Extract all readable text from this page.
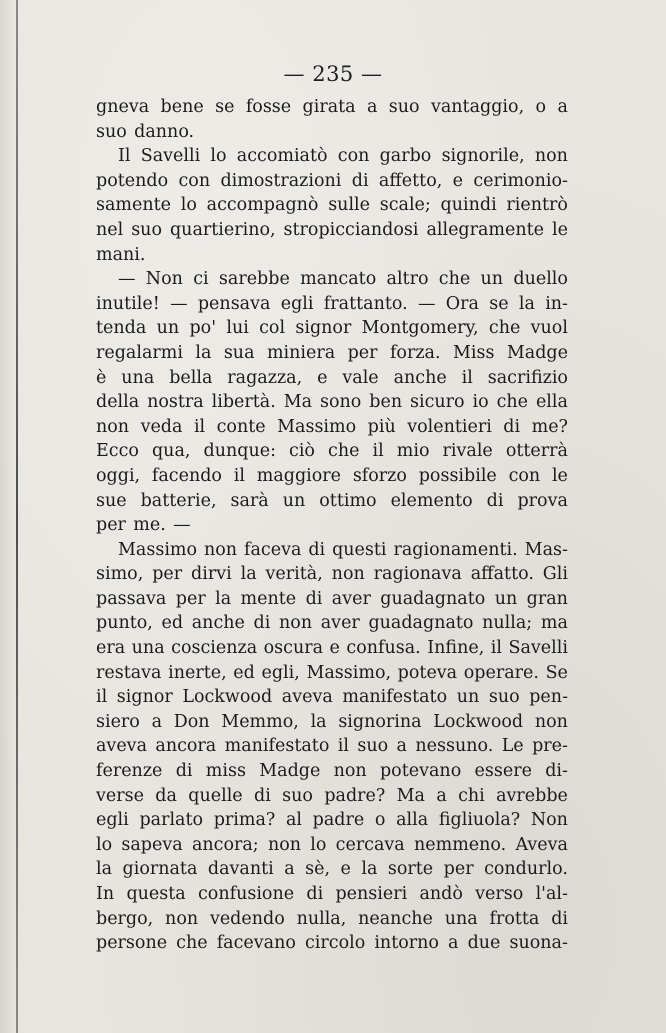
— 235 —
gneva bene se fosse girata a suo vantaggio, o a
suo danno.
Il Savelli lo accomiatò con garbo signorile, non
potendo con dimostrazioni di affetto, e cerimonio-
samente lo accompagnò sulle scale; quindi rientrò
nel suo quartierino, stropicciandosi allegramente le
mani.
— Non ci sarebbe mancato altro che un duello
inutile! — pensava egli frattanto. — Ora se la in-
tenda un po' lui col signor Montgomery, che vuol
regalarmi la sua miniera per forza. Miss Madge
è una bella ragazza, e vale anche il sacrifizio
della nostra libertà. Ma sono ben sicuro io che ella
non veda il conte Massimo più volentieri di me?
Ecco qua, dunque: ciò che il mio rivale otterrà
oggi, facendo il maggiore sforzo possibile con le
sue batterie, sarà un ottimo elemento di prova
per me. —
Massimo non faceva di questi ragionamenti. Mas-
simo, per dirvi la verità, non ragionava affatto. Gli
passava per la mente di aver guadagnato un gran
punto, ed anche di non aver guadagnato nulla; ma
era una coscienza oscura e confusa. Infine, il Savelli
restava inerte, ed egli, Massimo, poteva operare. Se
il signor Lockwood aveva manifestato un suo pen-
siero a Don Memmo, la signorina Lockwood non
aveva ancora manifestato il suo a nessuno. Le pre-
ferenze di miss Madge non potevano essere di-
verse da quelle di suo padre? Ma a chi avrebbe
egli parlato prima? al padre o alla figliuola? Non
lo sapeva ancora; non lo cercava nemmeno. Aveva
la giornata davanti a sè, e la sorte per condurlo.
In questa confusione di pensieri andò verso l'al-
bergo, non vedendo nulla, neanche una frotta di
persone che facevano circolo intorno a due suona-
